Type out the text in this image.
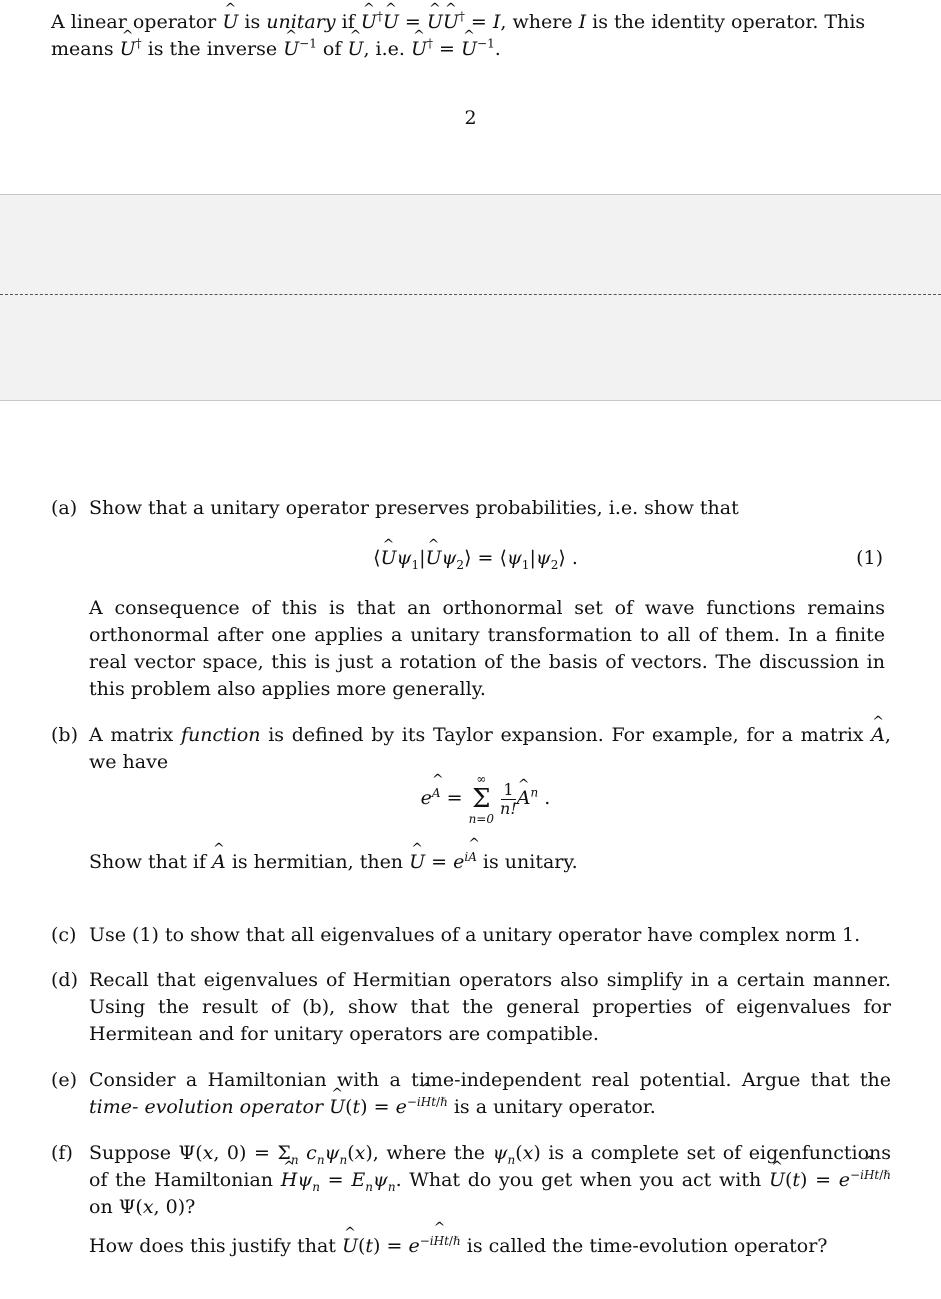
A linear operator ^ U is unitary if ^ U†^ U = ^ U^ U† = I, where I is the identity operator. This
means ^ U† is the inverse ^ $U^{-1}$ of ^ U, i.e. ^ U† = ^ $U^{-1}$.
2
(a) Show that a unitary operator preserves probabilities, i.e. show that
⟨^ $U\psi_1|\^{}$ $U\psi_2⟩$ = $⟨\psi_1|\psi_2⟩$ .	(1)
A consequence of this is that an orthonormal set of wave functions remains orthonormal after one applies a unitary transformation to all of them. In a finite real vector space, this is just a rotation of the basis of vectors. The discussion in this problem also applies more generally.
(b) A matrix function is defined by its Taylor expansion. For example, for a matrix ^ A, we have
$e^A$ =
∞
Σ
n=0

$\frac{1}{n!}$ ^ $A^n$ .
Show that if ^ A is hermitian, then ^ $U = e^{iA}$ is unitary.
(c) Use (1) to show that all eigenvalues of a unitary operator have complex norm 1.
(d) Recall that eigenvalues of Hermitian operators also simplify in a certain manner. Using the result of (b), show that the general properties of eigenvalues for Hermitean and for unitary operators are compatible.
(e) Consider a Hamiltonian with a time-independent real potential. Argue that the time- evolution operator ^ $U(t) = e^{-iHt/\hbar}$ is a unitary operator.
(f) Suppose Ψ(x, $0) = \Sigma_n$ $c_n\psi_n(x)$, where the $\psi_n(x)$ is a complete set of eigenfunctions of the Hamiltonian ^ $H\psi_n = E_n\psi_n$. What do you get when you act with ^ $U(t) = e^{-iHt/\hbar}$ on Ψ(x, 0)?
How does this justify that ^ $U(t) = e^{-iHt/\hbar}$ is called the time-evolution operator?
